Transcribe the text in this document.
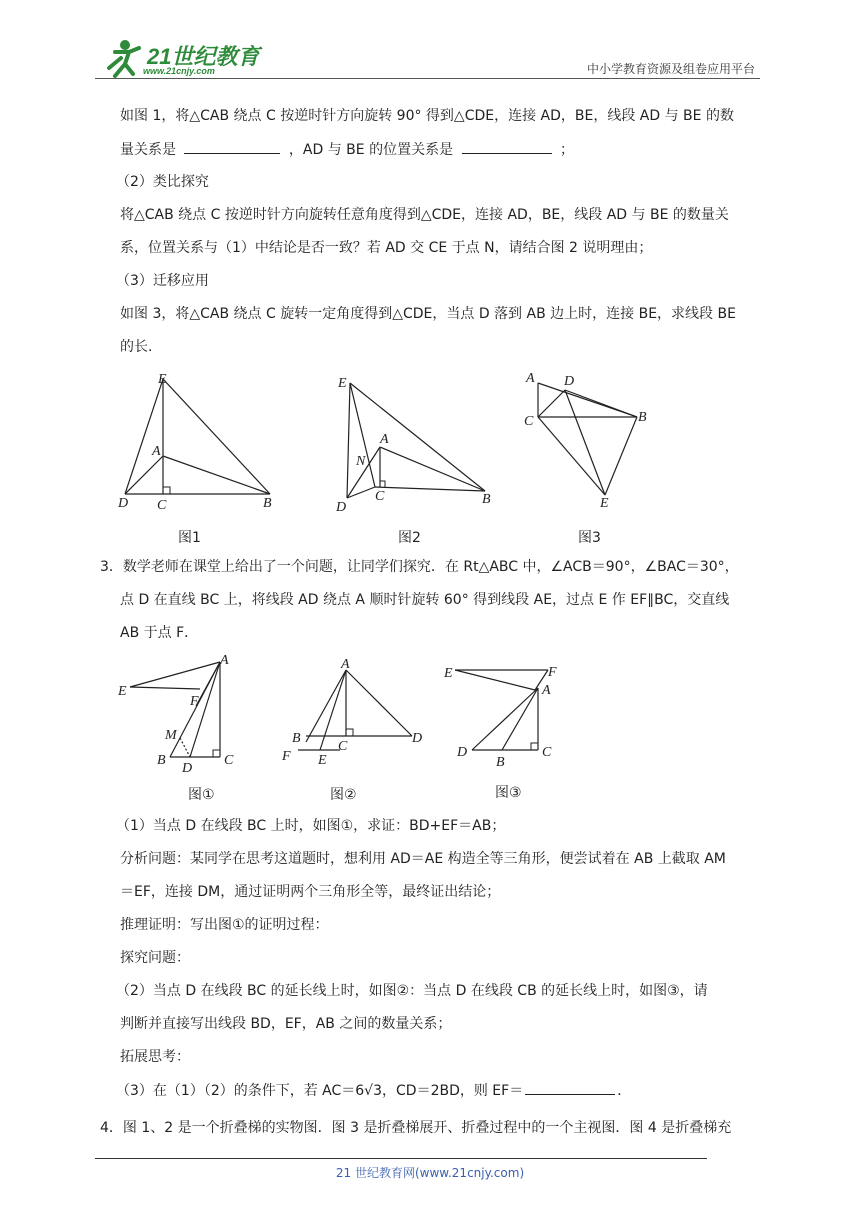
21世纪教育
www.21cnjy.com	中小学教育资源及组卷应用平台
如图 1，将△CAB 绕点 C 按逆时针方向旋转 90° 得到△CDE，连接 AD，BE，线段 AD 与 BE 的数
量关系是	，AD 与 BE 的位置关系是	；
（2）类比探究
将△CAB 绕点 C 按逆时针方向旋转任意角度得到△CDE，连接 AD，BE，线段 AD 与 BE 的数量关
系，位置关系与（1）中结论是否一致？若 AD 交 CE 于点 N，请结合图 2 说明理由；
（3）迁移应用
如图 3，将△CAB 绕点 C 旋转一定角度得到△CDE，当点 D 落到 AB 边上时，连接 BE，求线段 BE
的长.
E
A
D C	B
E
A
N
C
D
B
A D
C	B
E
图1	图2	图3
3．数学老师在课堂上给出了一个问题，让同学们探究．在 Rt△ABC 中，∠ACB＝90°，∠BAC＝30°，
点 D 在直线 BC 上，将线段 AD 绕点 A 顺时针旋转 60° 得到线段 AE，过点 E 作 EF∥BC，交直线
AB 于点 F．
A
E
F
M
B
D
C
A
B
C
D
F E
E	F
A
D
B
C
图①	图②	图③
（1）当点 D 在线段 BC 上时，如图①，求证：BD+EF＝AB；
分析问题：某同学在思考这道题时，想利用 AD＝AE 构造全等三角形，便尝试着在 AB 上截取 AM
＝EF，连接 DM，通过证明两个三角形全等，最终证出结论；
推理证明：写出图①的证明过程：
探究问题：
（2）当点 D 在线段 BC 的延长线上时，如图②：当点 D 在线段 CB 的延长线上时，如图③，请
判断并直接写出线段 BD，EF，AB 之间的数量关系；
拓展思考：
（3）在（1）（2）的条件下，若 AC＝6√3，CD＝2BD，则 EF＝	．
4．图 1、2 是一个折叠梯的实物图．图 3 是折叠梯展开、折叠过程中的一个主视图．图 4 是折叠梯充
21 世纪教育网(www.21cnjy.com)
